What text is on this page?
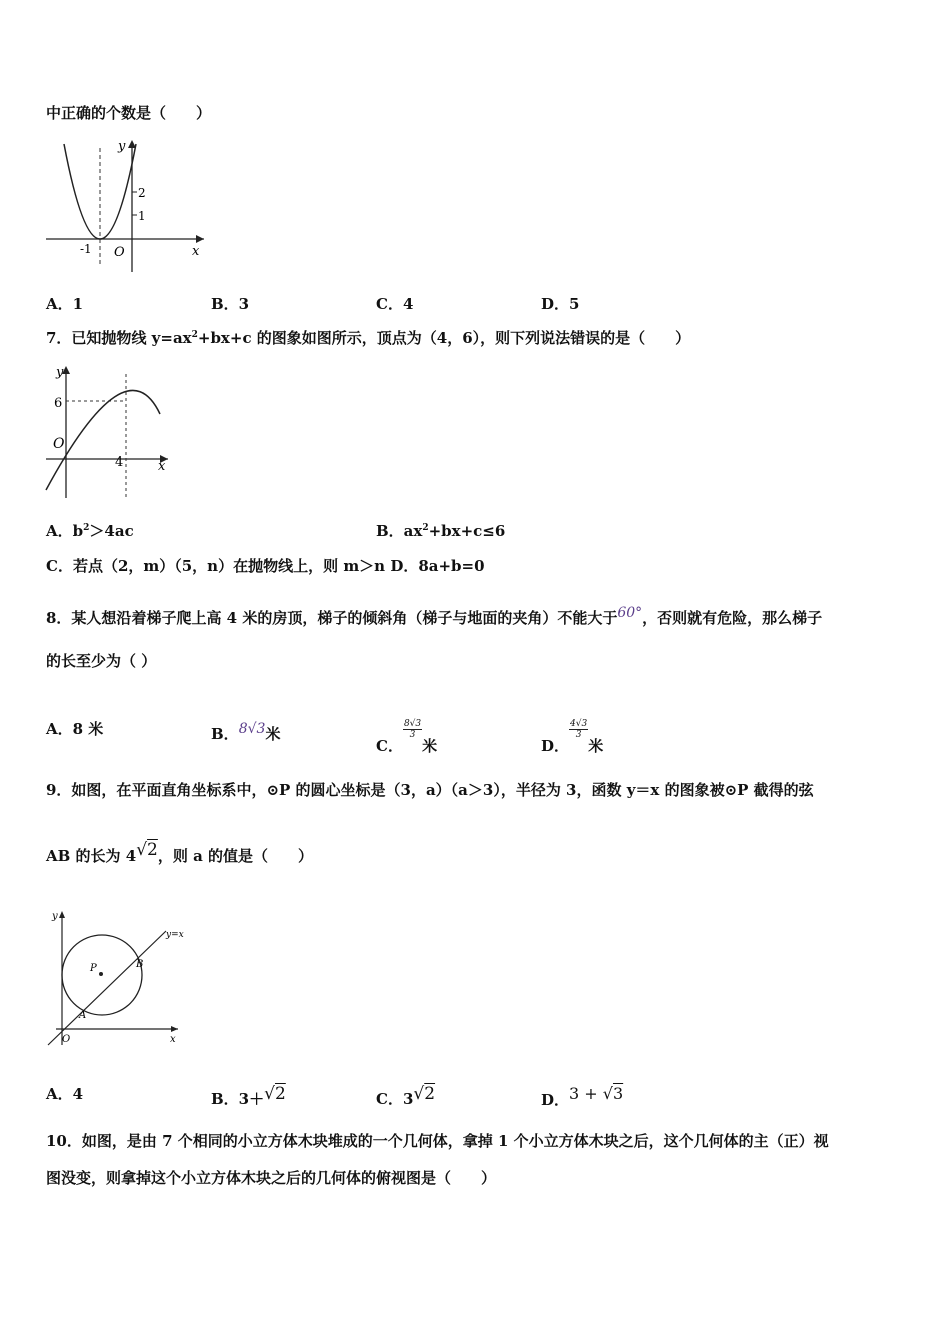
中正确的个数是（　　）
y
x
O
-1
1
2
A．1	B．3	C．4	D．5
7．已知抛物线 $y=ax^2+bx+c$ 的图象如图所示，顶点为（4，6），则下列说法错误的是（　　）
y
x
O
6
4
A．$b^2>4ac$	B．$ax^2+bx+c\le 6$
C．若点（2，m）（5，n）在抛物线上，则 m＞n D．8a+b=0
8．某人想沿着梯子爬上高 4 米的房顶，梯子的倾斜角（梯子与地面的夹角）不能大于60°，否则就有危险，那么梯子
的长至少为（ ）
A．8 米	B．8√3米
C．
$\frac{8√3}{3}$
米	D．
$\frac{4√3}{3}$
米
9．如图，在平面直角坐标系中，⊙P 的圆心坐标是（3，a）（a＞3），半径为 3，函数 y＝x 的图象被⊙P 截得的弦
AB 的长为 4√2，则 a 的值是（　　）
y
x
O
y=x
P
A
B
A．4	B．3＋√2	C．3√2	D．3 + √3
10．如图，是由 7 个相同的小立方体木块堆成的一个几何体，拿掉 1 个小立方体木块之后，这个几何体的主（正）视
图没变，则拿掉这个小立方体木块之后的几何体的俯视图是（　　）
